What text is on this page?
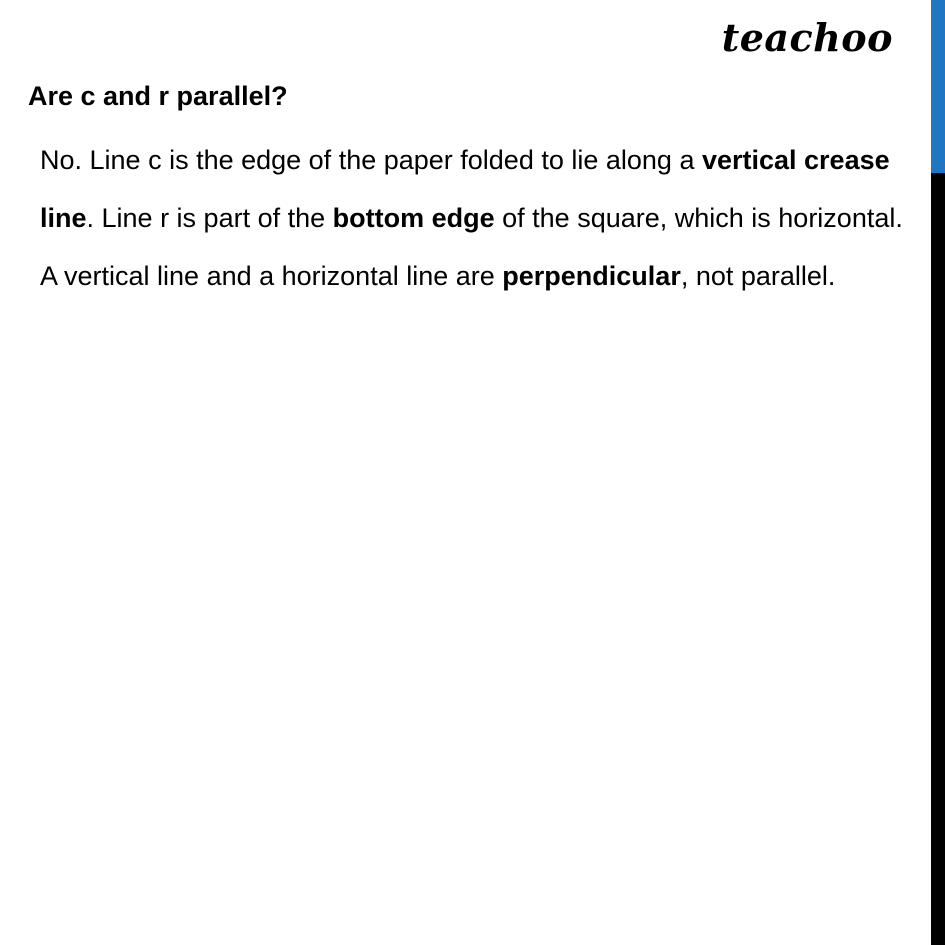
teachoo
Are c and r parallel?

No. Line c is the edge of the paper folded to lie along a vertical crease line. Line r is part of the bottom edge of the square, which is horizontal. A vertical line and a horizontal line are perpendicular, not parallel.
